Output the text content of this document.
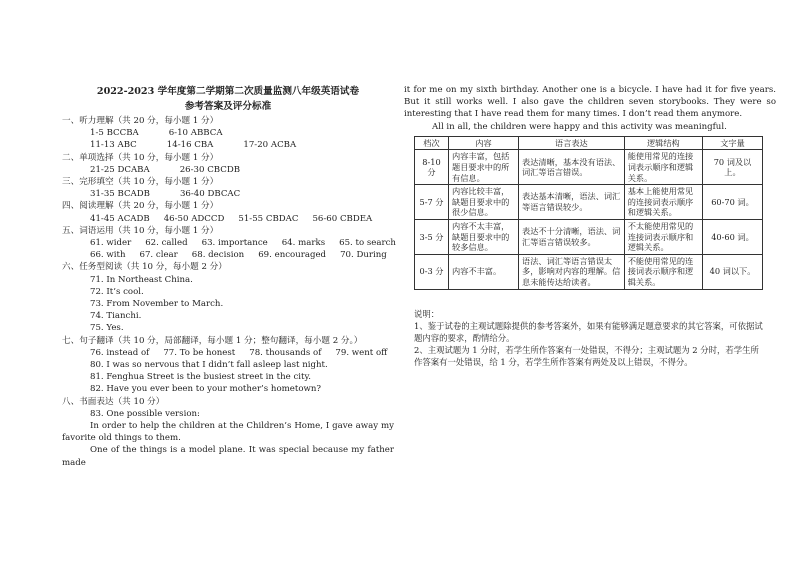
2022-2023 学年度第二学期第二次质量监测八年级英语试卷
参考答案及评分标准
一、听力理解（共 20 分，每小题 1 分）
1-5 BCCBA	6-10 ABBCA
11-13 ABC	14-16 CBA	17-20 ACBA
二、单项选择（共 10 分，每小题 1 分）
21-25 DCABA	26-30 CBCDB
三、完形填空（共 10 分，每小题 1 分）
31-35 BCADB	36-40 DBCAC
四、阅读理解（共 20 分，每小题 1 分）
41-45 ACADB 46-50 ADCCD 51-55 CBDAC 56-60 CBDEA
五、词语运用（共 10 分，每小题 1 分）
61. wider 62. called 63. importance 64. marks 65. to search
66. with 67. clear 68. decision 69. encouraged 70. During
六、任务型阅读（共 10 分，每小题 2 分）
71. In Northeast China.
72. It’s cool.
73. From November to March.
74. Tianchi.
75. Yes.
七、句子翻译（共 10 分，局部翻译，每小题 1 分；整句翻译，每小题 2 分。）
76. instead of 77. To be honest 78. thousands of 79. went off
80. I was so nervous that I didn’t fall asleep last night.
81. Fenghua Street is the busiest street in the city.
82. Have you ever been to your mother’s hometown?
八、书面表达（共 10 分）
83. One possible version:
In order to help the children at the Children’s Home, I gave away my favorite old things to them.
One of the things is a model plane. It was special because my father made
it for me on my sixth birthday. Another one is a bicycle. I have had it for five years. But it still works well. I also gave the children seven storybooks. They were so interesting that I have read them for many times. I don’t read them anymore.
All in all, the children were happy and this activity was meaningful.
档次	内容	语言表达	逻辑结构	文字量
8-10 分	内容丰富，包括题目要求中的所有信息。	表达清晰，基本没有语法、词汇等语言错误。	能使用常见的连接词表示顺序和逻辑关系。	70 词及以上。
5-7 分	内容比较丰富，缺题目要求中的很少信息。	表达基本清晰，语法、词汇等语言错误较少。	基本上能使用常见的连接词表示顺序和逻辑关系。	60-70 词。
3-5 分	内容不太丰富，缺题目要求中的较多信息。	表达不十分清晰，语法、词汇等语言错误较多。	不太能使用常见的连接词表示顺序和逻辑关系。	40-60 词。
0-3 分	内容不丰富。	语法、词汇等语言错误太多，影响对内容的理解。信息未能传达给读者。	不能使用常见的连接词表示顺序和逻辑关系。	40 词以下。
说明：
1、鉴于试卷的主观试题除提供的参考答案外，如果有能够满足题意要求的其它答案，可依据试题内容的要求，酌情给分。
2、主观试题为 1 分时，若学生所作答案有一处错误，不得分；主观试题为 2 分时，若学生所作答案有一处错误，给 1 分，若学生所作答案有两处及以上错误，不得分。
